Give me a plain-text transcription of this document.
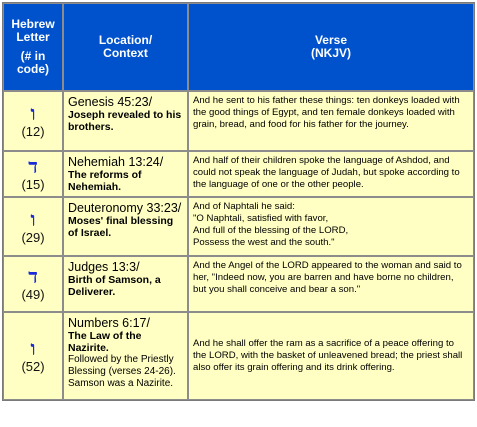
Hebrew
Letter
(# in
code)	Location/
Context	Verse
(NKJV)

ו
(12)	Genesis 45:23/
Joseph revealed to his brothers.	And he sent to his father these things: ten donkeys loaded with the good things of Egypt, and ten female donkeys loaded with grain, bread, and food for his father for the journey.

ד
(15)	Nehemiah 13:24/
The reforms of Nehemiah.	And half of their children spoke the language of Ashdod, and could not speak the language of Judah, but spoke according to the language of one or the other people.

ו
(29)	Deuteronomy 33:23/
Moses' final blessing of Israel.	And of Naphtali he said:
"O Naphtali, satisfied with favor,
And full of the blessing of the LORD,
Possess the west and the south."

ד
(49)	Judges 13:3/
Birth of Samson, a Deliverer.	And the Angel of the LORD appeared to the woman and said to her, "Indeed now, you are barren and have borne no children, but you shall conceive and bear a son."

ו
(52)	Numbers 6:17/
The Law of the Nazirite.
Followed by the Priestly Blessing (verses 24-26). Samson was a Nazirite.	And he shall offer the ram as a sacrifice of a peace offering to the LORD, with the basket of unleavened bread; the priest shall also offer its grain offering and its drink offering.
